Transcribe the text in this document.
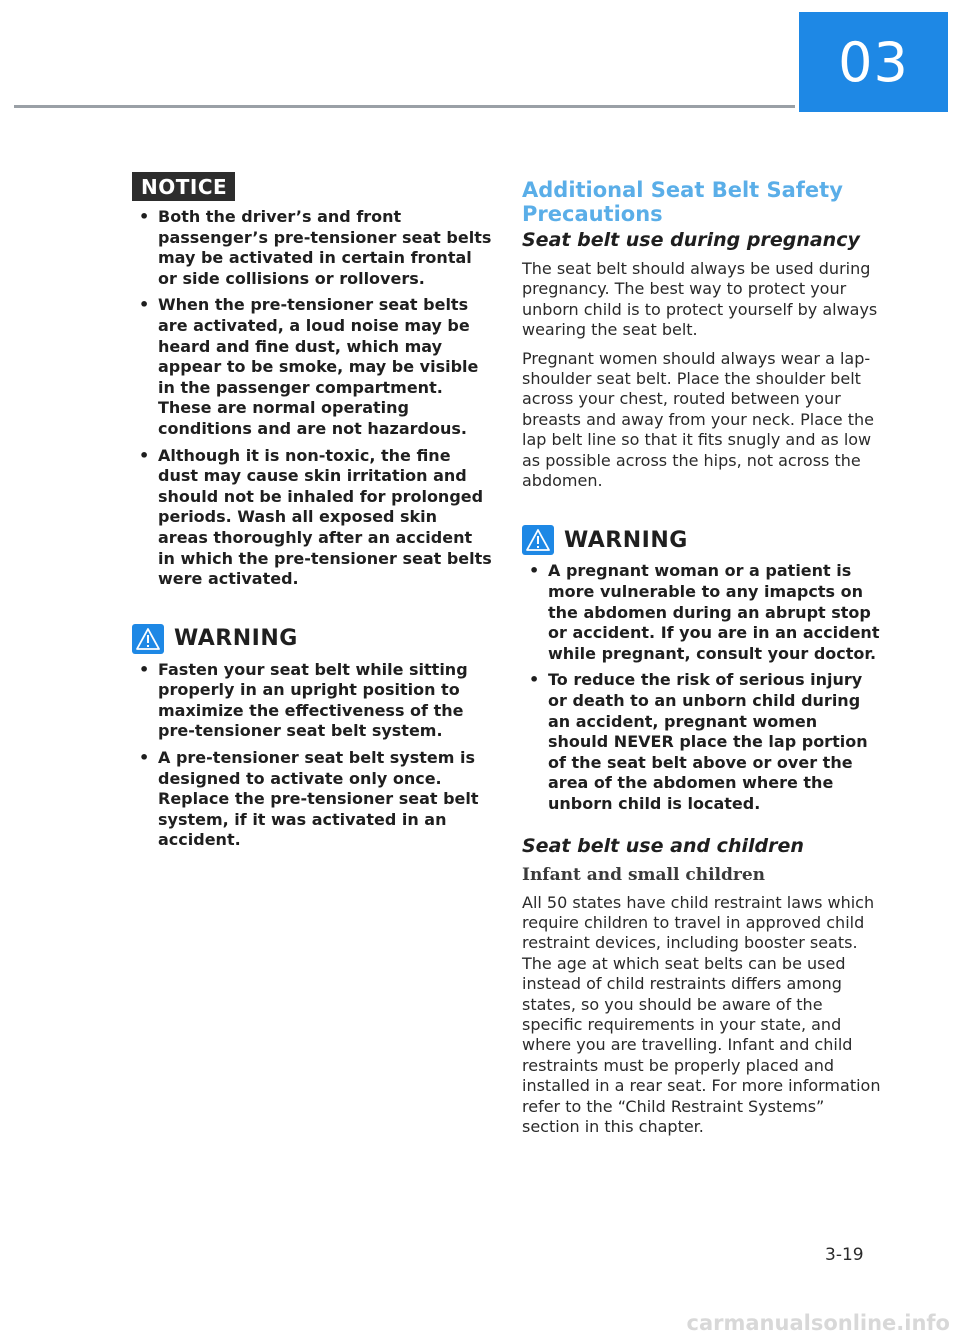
03
NOTICE
• Both the driver’s and front passenger’s pre-tensioner seat belts may be activated in certain frontal or side collisions or rollovers.
• When the pre-tensioner seat belts are activated, a loud noise may be heard and fine dust, which may appear to be smoke, may be visible in the passenger compartment. These are normal operating conditions and are not hazardous.
• Although it is non-toxic, the fine dust may cause skin irritation and should not be inhaled for prolonged periods. Wash all exposed skin areas thoroughly after an accident in which the pre-tensioner seat belts were activated.
WARNING
• Fasten your seat belt while sitting properly in an upright position to maximize the effectiveness of the pre-tensioner seat belt system.
• A pre-tensioner seat belt system is designed to activate only once. Replace the pre-tensioner seat belt system, if it was activated in an accident.
Additional Seat Belt Safety Precautions
Seat belt use during pregnancy

The seat belt should always be used during pregnancy. The best way to protect your unborn child is to protect yourself by always wearing the seat belt.

Pregnant women should always wear a lap-shoulder seat belt. Place the shoulder belt across your chest, routed between your breasts and away from your neck. Place the lap belt line so that it fits snugly and as low as possible across the hips, not across the abdomen.

WARNING
• A pregnant woman or a patient is more vulnerable to any imapcts on the abdomen during an abrupt stop or accident. If you are in an accident while pregnant, consult your doctor.
• To reduce the risk of serious injury or death to an unborn child during an accident, pregnant women should NEVER place the lap portion of the seat belt above or over the area of the abdomen where the unborn child is located.
Seat belt use and children
Infant and small children

All 50 states have child restraint laws which require children to travel in approved child restraint devices, including booster seats. The age at which seat belts can be used instead of child restraints differs among states, so you should be aware of the specific requirements in your state, and where you are travelling. Infant and child restraints must be properly placed and installed in a rear seat. For more information refer to the “Child Restraint Systems” section in this chapter.

3-19
carmanualsonline.info
